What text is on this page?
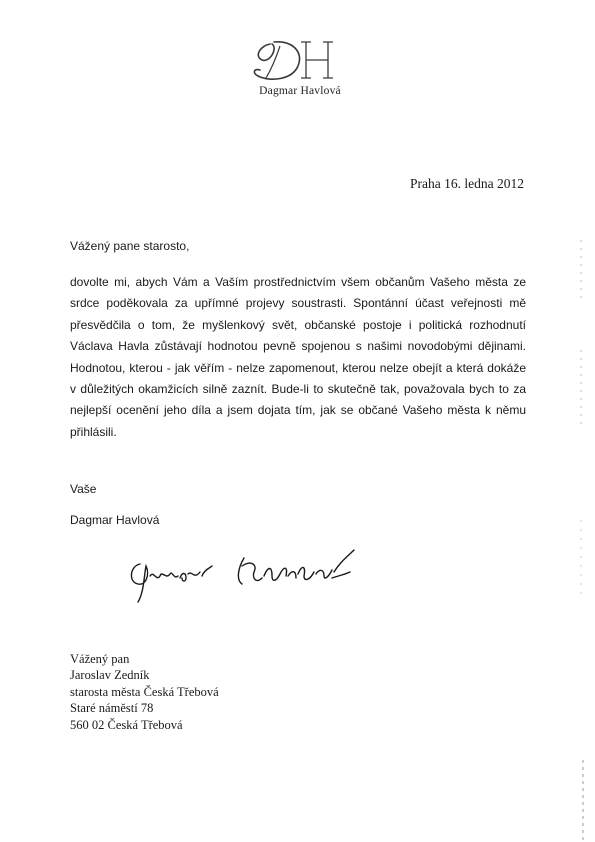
Dagmar Havlová
Praha 16. ledna 2012
Vážený pane starosto,

dovolte mi, abych Vám a Vaším prostřednictvím všem občanům Vašeho města ze srdce poděkovala za upřímné projevy soustrasti. Spontánní účast veřejnosti mě přesvědčila o tom, že myšlenkový svět, občanské postoje i politická rozhodnutí Václava Havla zůstávají hodnotou pevně spojenou s našimi novodobými dějinami. Hodnotou, kterou - jak věřím - nelze zapomenout, kterou nelze obejít a která dokáže v důležitých okamžicích silně zaznít. Bude-li to skutečně tak, považovala bych to za nejlepší ocenění jeho díla a jsem dojata tím, jak se občané Vašeho města k němu přihlásili.

Vaše
Dagmar Havlová
Vážený pan
Jaroslav Zedník
starosta města Česká Třebová
Staré náměstí 78
560 02 Česká Třebová
